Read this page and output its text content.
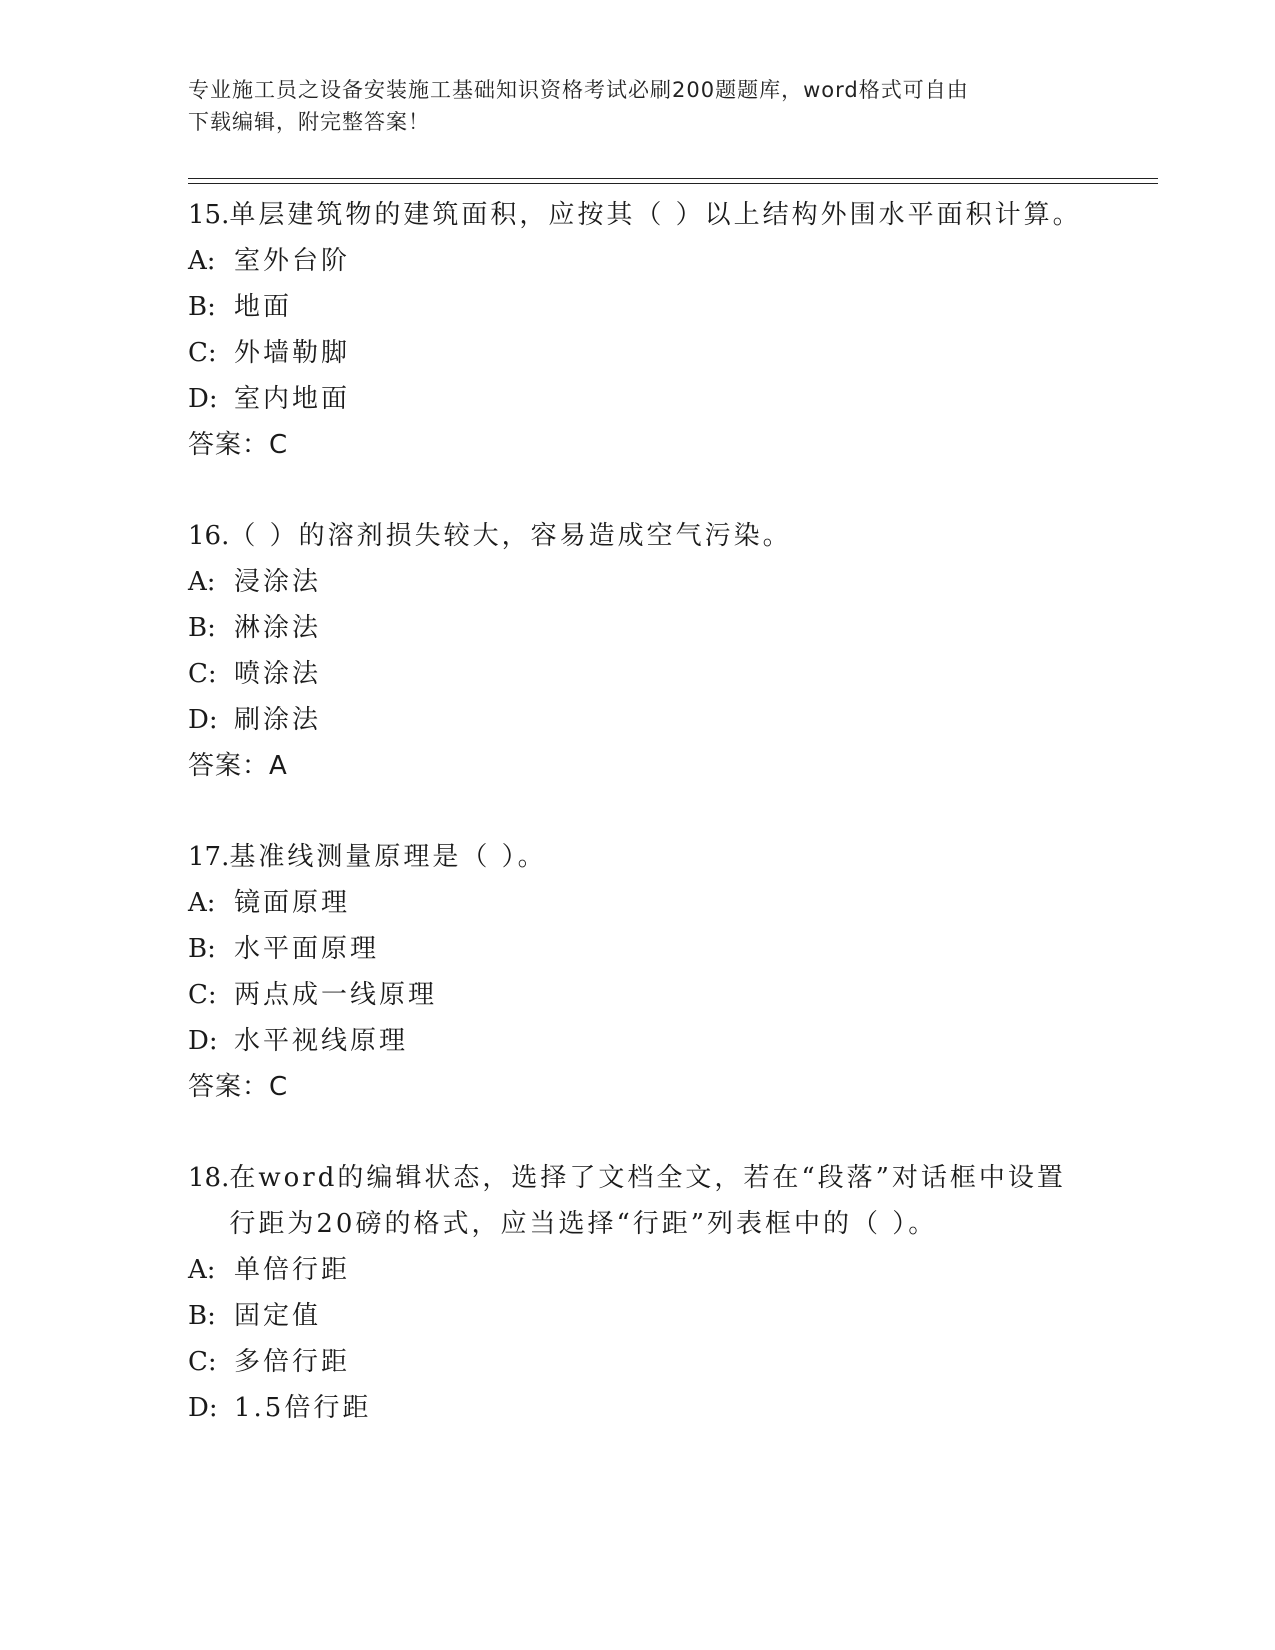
专业施工员之设备安装施工基础知识资格考试必刷200题题库，word格式可自由
下载编辑，附完整答案！
15. 单层建筑物的建筑面积，应按其（ ）以上结构外围水平面积计算。
A: 室外台阶
B: 地面
C: 外墙勒脚
D: 室内地面
答案：C
16. （ ）的溶剂损失较大，容易造成空气污染。
A: 浸涂法
B: 淋涂法
C: 喷涂法
D: 刷涂法
答案：A
17. 基准线测量原理是（ ）。
A: 镜面原理
B: 水平面原理
C: 两点成一线原理
D: 水平视线原理
答案：C
18. 在word的编辑状态，选择了文档全文，若在“段落”对话框中设置行距为20磅的格式，应当选择“行距”列表框中的（ ）。
A: 单倍行距
B: 固定值
C: 多倍行距
D: 1.5倍行距
